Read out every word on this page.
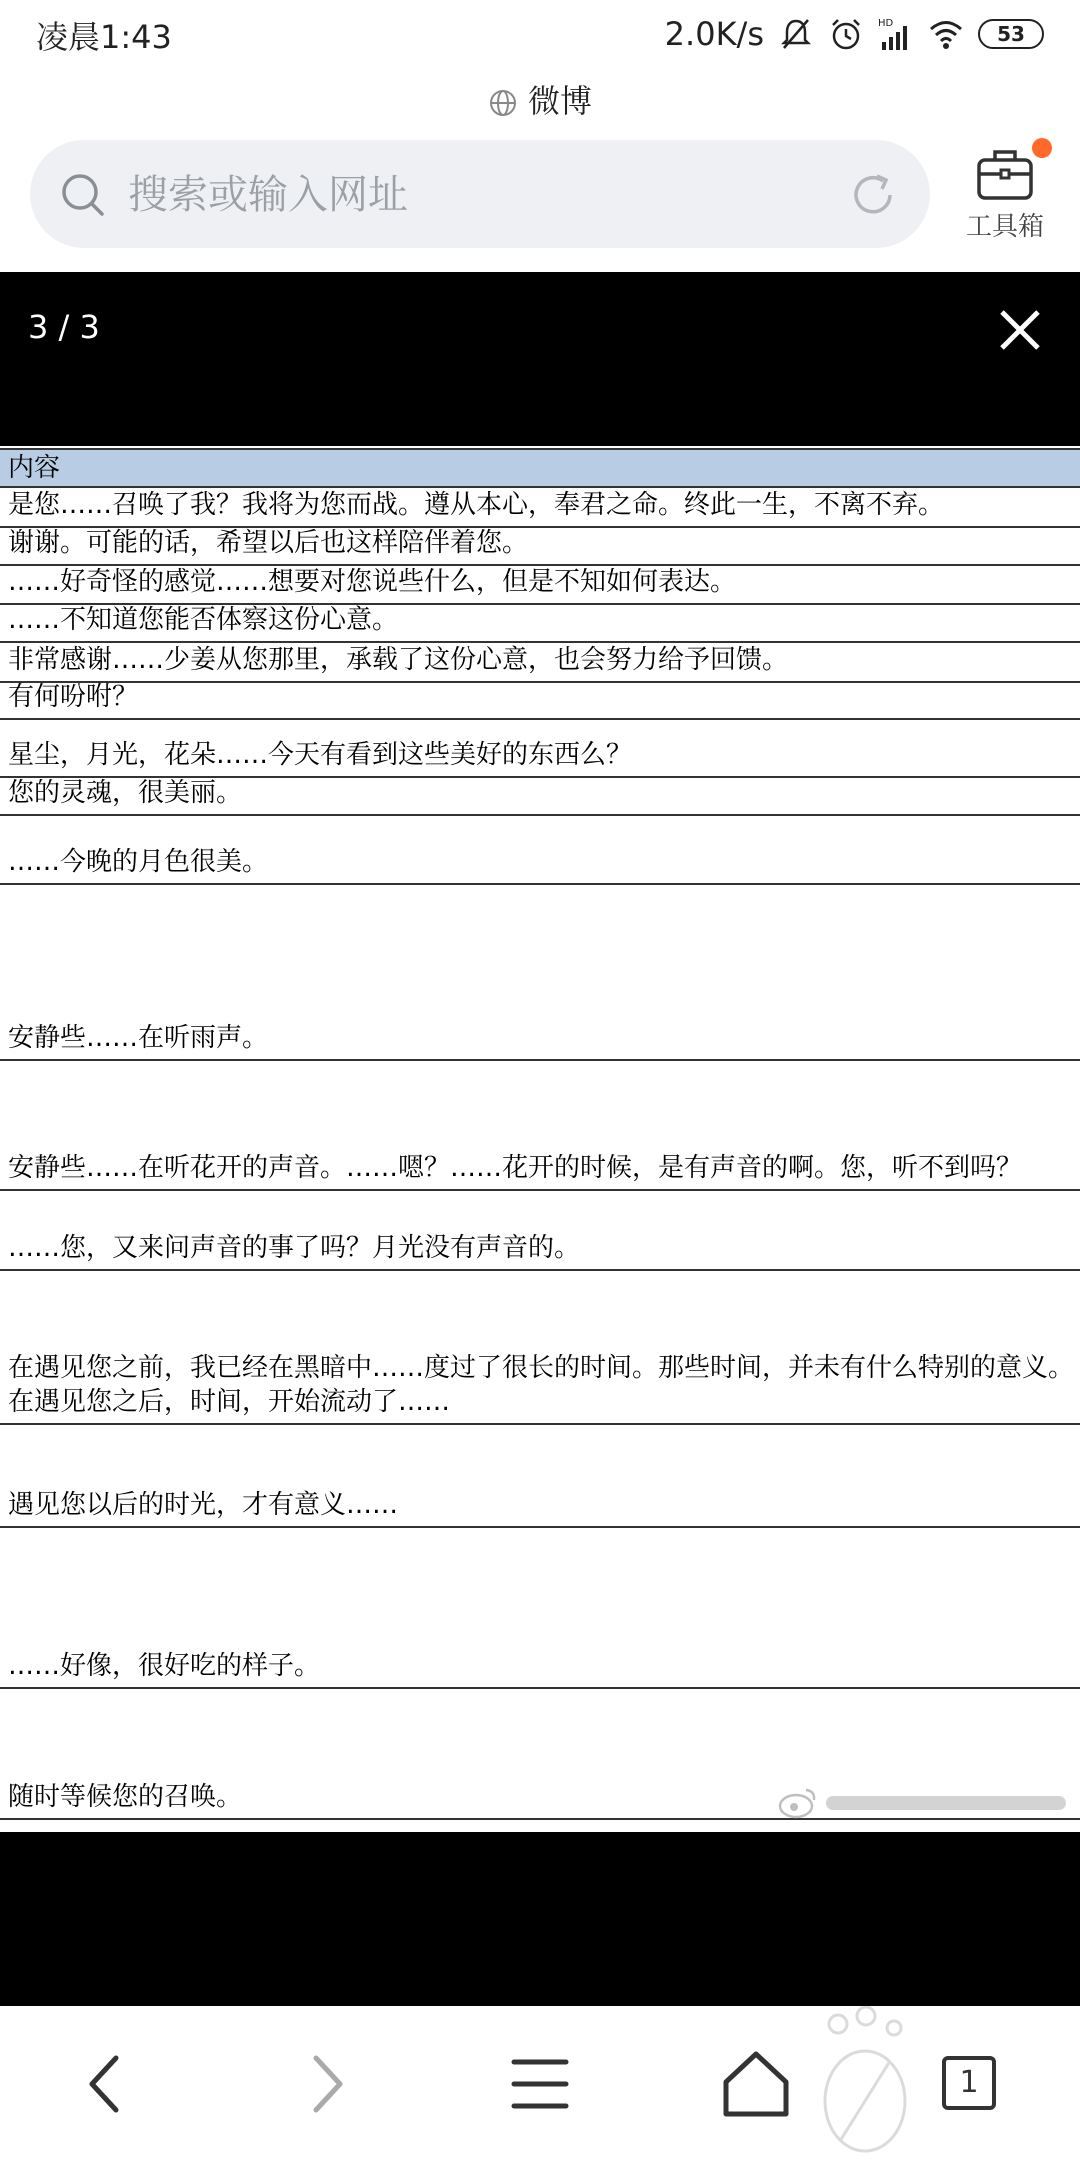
凌晨1:43	2.0K/s	HD	53
微博
搜索或输入网址
工具箱
3 / 3
内容
是您……召唤了我？我将为您而战。遵从本心，奉君之命。终此一生，不离不弃。
谢谢。可能的话，希望以后也这样陪伴着您。
……好奇怪的感觉……想要对您说些什么，但是不知如何表达。
……不知道您能否体察这份心意。
非常感谢……少姜从您那里，承载了这份心意，也会努力给予回馈。
有何吩咐？
星尘，月光，花朵……今天有看到这些美好的东西么？
您的灵魂，很美丽。
……今晚的月色很美。
安静些……在听雨声。
安静些……在听花开的声音。……嗯？……花开的时候，是有声音的啊。您，听不到吗？
……您，又来问声音的事了吗？月光没有声音的。
在遇见您之前，我已经在黑暗中……度过了很长的时间。那些时间，并未有什么特别的意义。在遇见您之后，时间，开始流动了……
遇见您以后的时光，才有意义……
……好像，很好吃的样子。
随时等候您的召唤。
1
